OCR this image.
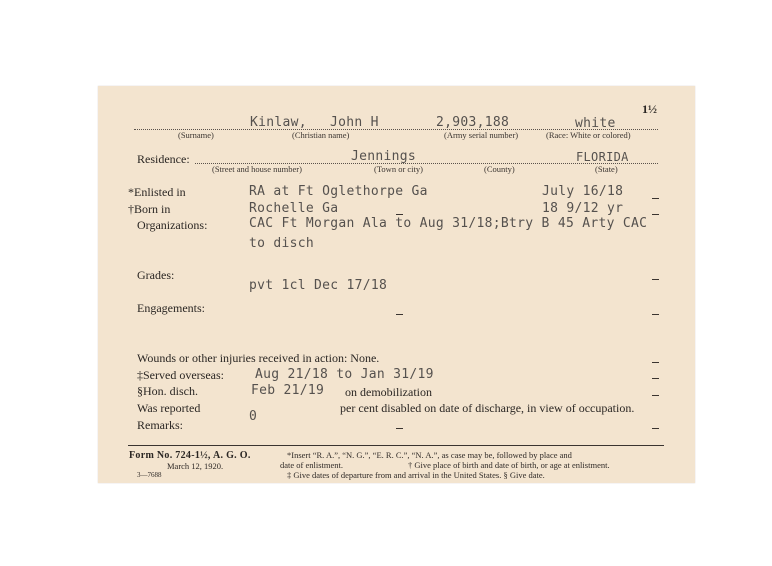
1½
Kinlaw, John H	2,903,188	white
(Surname)	(Christian name)	(Army serial number)	(Race: White or colored)
Residence:	Jennings	FLORIDA
(Street and house number)	(Town or city)	(County)	(State)
*Enlisted in	RA at Ft Oglethorpe Ga	July 16/18
†Born in	Rochelle Ga	18 9/12 yr
Organizations:	CAC Ft Morgan Ala to Aug 31/18;Btry B 45 Arty CAC
to disch
Grades:
pvt 1cl Dec 17/18
Engagements:
Wounds or other injuries received in action: None.
‡Served overseas: Aug 21/18 to Jan 31/19
§Hon. disch.	Feb 21/19 on demobilization
Was reported
0
per cent disabled on date of discharge, in view of occupation.
Remarks:
Form No. 724-1½, A. G. O.
March 12, 1920.
3—7688
*Insert “R. A.”, “N. G.”, “E. R. C.”, “N. A.”, as case may be, followed by place and
date of enlistment.	† Give place of birth and date of birth, or age at enlistment.
‡ Give dates of departure from and arrival in the United States. § Give date.
